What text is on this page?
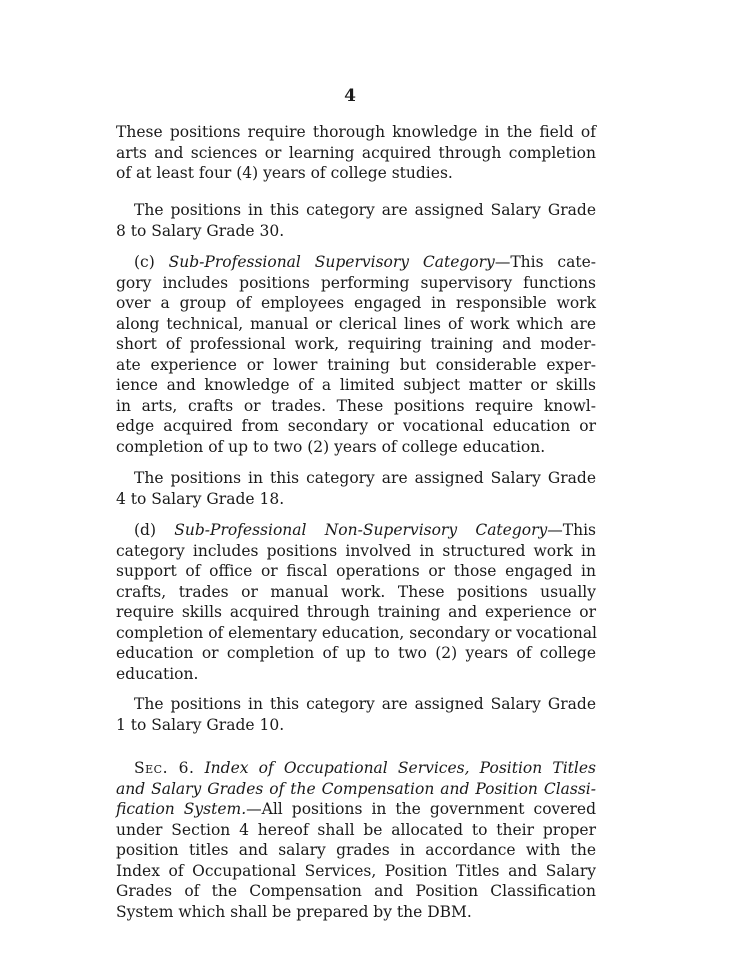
4
These positions require thorough knowledge in the field of
arts and sciences or learning acquired through completion
of at least four (4) years of college studies.
The positions in this category are assigned Salary Grade
8 to Salary Grade 30.
(c) Sub-Professional Supervisory Category—This cate-
gory includes positions performing supervisory functions
over a group of employees engaged in responsible work
along technical, manual or clerical lines of work which are
short of professional work, requiring training and moder-
ate experience or lower training but considerable exper-
ience and knowledge of a limited subject matter or skills
in arts, crafts or trades. These positions require knowl-
edge acquired from secondary or vocational education or
completion of up to two (2) years of college education.
The positions in this category are assigned Salary Grade
4 to Salary Grade 18.
(d) Sub-Professional Non-Supervisory Category—This
category includes positions involved in structured work in
support of office or fiscal operations or those engaged in
crafts, trades or manual work. These positions usually
require skills acquired through training and experience or
completion of elementary education, secondary or vocational
education or completion of up to two (2) years of college
education.
The positions in this category are assigned Salary Grade
1 to Salary Grade 10.
Sec. 6. Index of Occupational Services, Position Titles
and Salary Grades of the Compensation and Position Classi-
fication System.—All positions in the government covered
under Section 4 hereof shall be allocated to their proper
position titles and salary grades in accordance with the
Index of Occupational Services, Position Titles and Salary
Grades of the Compensation and Position Classification
System which shall be prepared by the DBM.
